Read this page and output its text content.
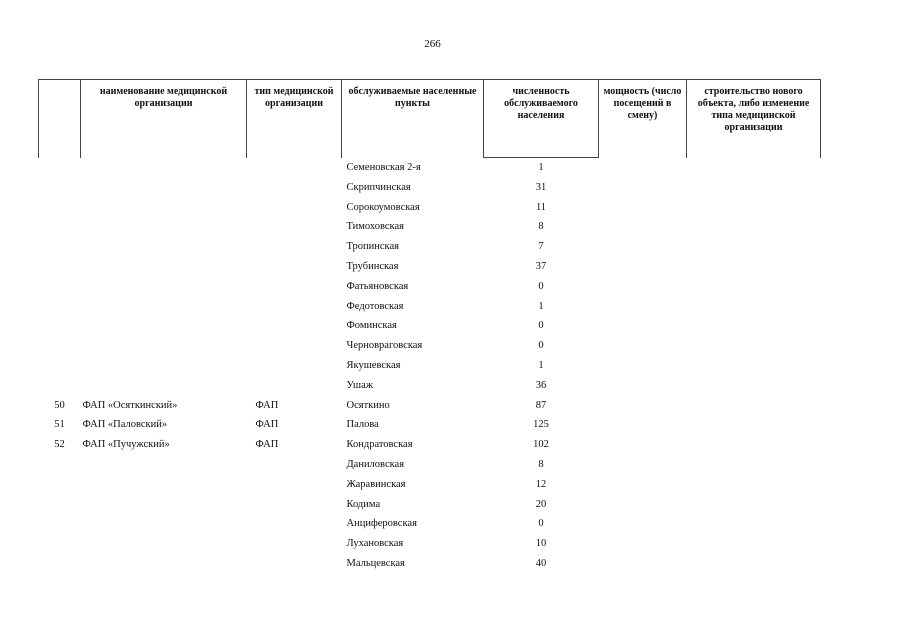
266
	наименование медицинской организации	тип медицинской организации	обслуживаемые населенные пункты	численность обслуживаемого населения	мощность (число посещений в смену)	строительство нового объекта, либо изменение типа медицинской организации
			Семеновская 2-я	1		
			Скрипчинская	31		
			Сорокоумовская	11		
			Тимоховская	8		
			Тропинская	7		
			Трубинская	37		
			Фатьяновская	0		
			Федотовская	1		
			Фоминская	0		
			Черновраговская	0		
			Якушевская	1		
			Ушаж	36		
50	ФАП «Осяткинский»	ФАП	Осяткино	87		
51	ФАП «Паловский»	ФАП	Палова	125		
52	ФАП «Пучужский»	ФАП	Кондратовская	102		
			Даниловская	8		
			Жаравинская	12		
			Кодима	20		
			Анциферовская	0		
			Лухановская	10		
			Мальцевская	40		
